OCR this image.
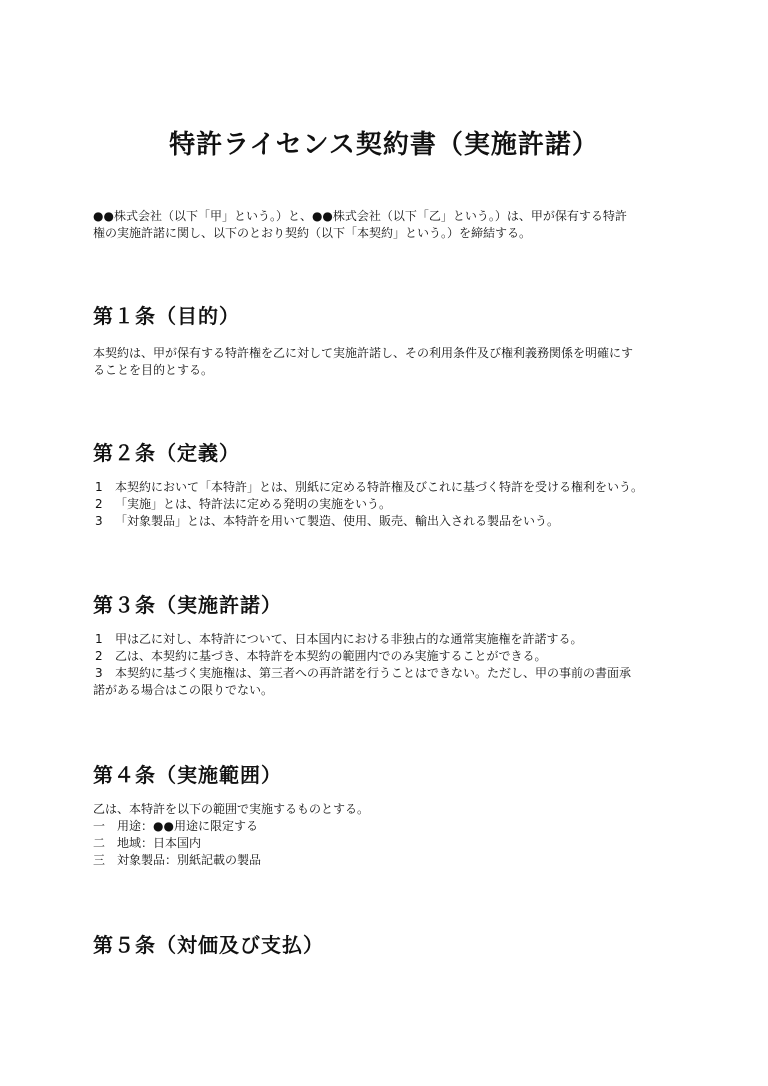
特許ライセンス契約書（実施許諾）

●●株式会社（以下「甲」という。）と、●●株式会社（以下「乙」という。）は、甲が保有する特許

権の実施許諾に関し、以下のとおり契約（以下「本契約」という。）を締結する。

第１条（目的）

本契約は、甲が保有する特許権を乙に対して実施許諾し、その利用条件及び権利義務関係を明確にす

ることを目的とする。

第２条（定義）
1	本契約において「本特許」とは、別紙に定める特許権及びこれに基づく特許を受ける権利をいう。
2	「実施」とは、特許法に定める発明の実施をいう。
3	「対象製品」とは、本特許を用いて製造、使用、販売、輸出入される製品をいう。
第３条（実施許諾）
1	甲は乙に対し、本特許について、日本国内における非独占的な通常実施権を許諾する。
2	乙は、本契約に基づき、本特許を本契約の範囲内でのみ実施することができる。
3	本契約に基づく実施権は、第三者への再許諾を行うことはできない。ただし、甲の事前の書面承

諾がある場合はこの限りでない。

第４条（実施範囲）

乙は、本特許を以下の範囲で実施するものとする。

一 用途：●●用途に限定する
二 地域：日本国内
三 対象製品：別紙記載の製品
第５条（対価及び支払）
